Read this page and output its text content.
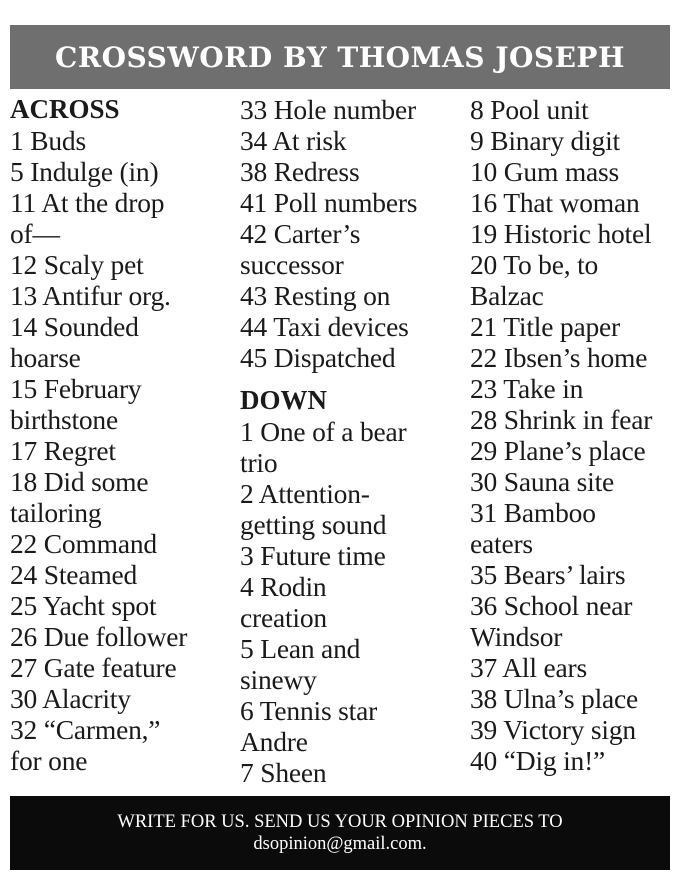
CROSSWORD BY THOMAS JOSEPH
ACROSS
1 Buds
5 Indulge (in)
11 At the drop
of—
12 Scaly pet
13 Antifur org.
14 Sounded
hoarse
15 February
birthstone
17 Regret
18 Did some
tailoring
22 Command
24 Steamed
25 Yacht spot
26 Due follower
27 Gate feature
30 Alacrity
32 “Carmen,”
for one
33 Hole number
34 At risk
38 Redress
41 Poll numbers
42 Carter’s
successor
43 Resting on
44 Taxi devices
45 Dispatched
DOWN
1 One of a bear
trio
2 Attention-
getting sound
3 Future time
4 Rodin
creation
5 Lean and
sinewy
6 Tennis star
Andre
7 Sheen
8 Pool unit
9 Binary digit
10 Gum mass
16 That woman
19 Historic hotel
20 To be, to
Balzac
21 Title paper
22 Ibsen’s home
23 Take in
28 Shrink in fear
29 Plane’s place
30 Sauna site
31 Bamboo
eaters
35 Bears’ lairs
36 School near
Windsor
37 All ears
38 Ulna’s place
39 Victory sign
40 “Dig in!”
WRITE FOR US. SEND US YOUR OPINION PIECES TO
dsopinion@gmail.com.
